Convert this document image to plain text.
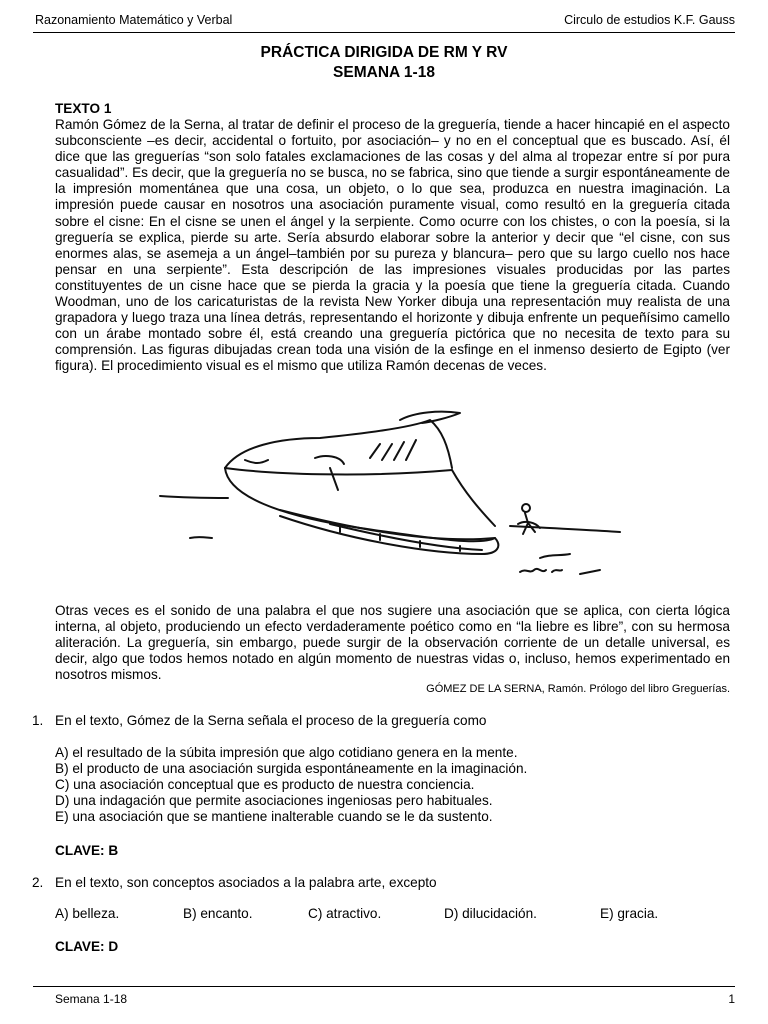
Razonamiento Matemático y Verbal	Circulo de estudios K.F. Gauss
PRÁCTICA DIRIGIDA DE RM Y RV
SEMANA 1-18
TEXTO 1

Ramón Gómez de la Serna, al tratar de definir el proceso de la greguería, tiende a hacer hincapié en el aspecto subconsciente –es decir, accidental o fortuito, por asociación– y no en el conceptual que es buscado. Así, él dice que las greguerías “son solo fatales exclamaciones de las cosas y del alma al tropezar entre sí por pura casualidad”. Es decir, que la greguería no se busca, no se fabrica, sino que tiende a surgir espontáneamente de la impresión momentánea que una cosa, un objeto, o lo que sea, produzca en nuestra imaginación. La impresión puede causar en nosotros una asociación puramente visual, como resultó en la greguería citada sobre el cisne: En el cisne se unen el ángel y la serpiente. Como ocurre con los chistes, o con la poesía, si la greguería se explica, pierde su arte. Sería absurdo elaborar sobre la anterior y decir que “el cisne, con sus enormes alas, se asemeja a un ángel–también por su pureza y blancura– pero que su largo cuello nos hace pensar en una serpiente”. Esta descripción de las impresiones visuales producidas por las partes constituyentes de un cisne hace que se pierda la gracia y la poesía que tiene la greguería citada. Cuando Woodman, uno de los caricaturistas de la revista New Yorker dibuja una representación muy realista de una grapadora y luego traza una línea detrás, representando el horizonte y dibuja enfrente un pequeñísimo camello con un árabe montado sobre él, está creando una greguería pictórica que no necesita de texto para su comprensión. Las figuras dibujadas crean toda una visión de la esfinge en el inmenso desierto de Egipto (ver figura). El procedimiento visual es el mismo que utiliza Ramón decenas de veces.

Otras veces es el sonido de una palabra el que nos sugiere una asociación que se aplica, con cierta lógica interna, al objeto, produciendo un efecto verdaderamente poético como en “la liebre es libre”, con su hermosa aliteración. La greguería, sin embargo, puede surgir de la observación corriente de un detalle universal, es decir, algo que todos hemos notado en algún momento de nuestras vidas o, incluso, hemos experimentado en nosotros mismos.

GÓMEZ DE LA SERNA, Ramón. Prólogo del libro Greguerías.
1. En el texto, Gómez de la Serna señala el proceso de la greguería como
A) el resultado de la súbita impresión que algo cotidiano genera en la mente.
B) el producto de una asociación surgida espontáneamente en la imaginación.
C) una asociación conceptual que es producto de nuestra conciencia.
D) una indagación que permite asociaciones ingeniosas pero habituales.
E) una asociación que se mantiene inalterable cuando se le da sustento.
CLAVE: B
2. En el texto, son conceptos asociados a la palabra arte, excepto
A) belleza.	B) encanto.	C) atractivo.	D) dilucidación.	E) gracia.
CLAVE: D
Semana 1-18	1
